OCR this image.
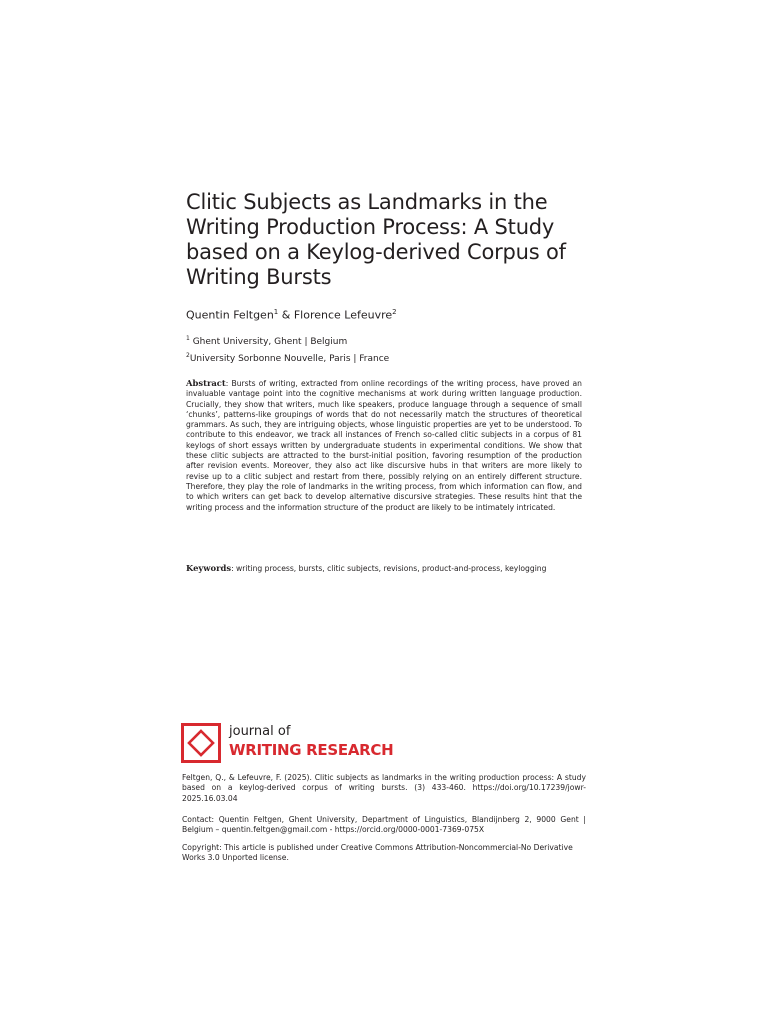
Clitic Subjects as Landmarks in the Writing Production Process: A Study based on a Keylog-derived Corpus of Writing Bursts
Quentin Feltgen$^1$ & Florence Lefeuvre$^2$
$^1$ Ghent University, Ghent | Belgium
$^2$University Sorbonne Nouvelle, Paris | France

Abstract: Bursts of writing, extracted from online recordings of the writing process, have proved an invaluable vantage point into the cognitive mechanisms at work during written language production. Crucially, they show that writers, much like speakers, produce language through a sequence of small ‘chunks’, patterns-like groupings of words that do not necessarily match the structures of theoretical grammars. As such, they are intriguing objects, whose linguistic properties are yet to be understood. To contribute to this endeavor, we track all instances of French so-called clitic subjects in a corpus of 81 keylogs of short essays written by undergraduate students in experimental conditions. We show that these clitic subjects are attracted to the burst-initial position, favoring resumption of the production after revision events. Moreover, they also act like discursive hubs in that writers are more likely to revise up to a clitic subject and restart from there, possibly relying on an entirely different structure. Therefore, they play the role of landmarks in the writing process, from which information can flow, and to which writers can get back to develop alternative discursive strategies. These results hint that the writing process and the information structure of the product are likely to be intimately intricated.

Keywords: writing process, bursts, clitic subjects, revisions, product-and-process, keylogging
journal of
WRITING RESEARCH

Feltgen, Q., & Lefeuvre, F. (2025). Clitic subjects as landmarks in the writing production process: A study based on a keylog-derived corpus of writing bursts. (3) 433-460. https://doi.org/10.17239/jowr-2025.16.03.04

Contact: Quentin Feltgen, Ghent University, Department of Linguistics, Blandijnberg 2, 9000 Gent | Belgium – quentin.feltgen@gmail.com - https://orcid.org/0000-0001-7369-075X

Copyright: This article is published under Creative Commons Attribution-Noncommercial-No Derivative Works 3.0 Unported license.
